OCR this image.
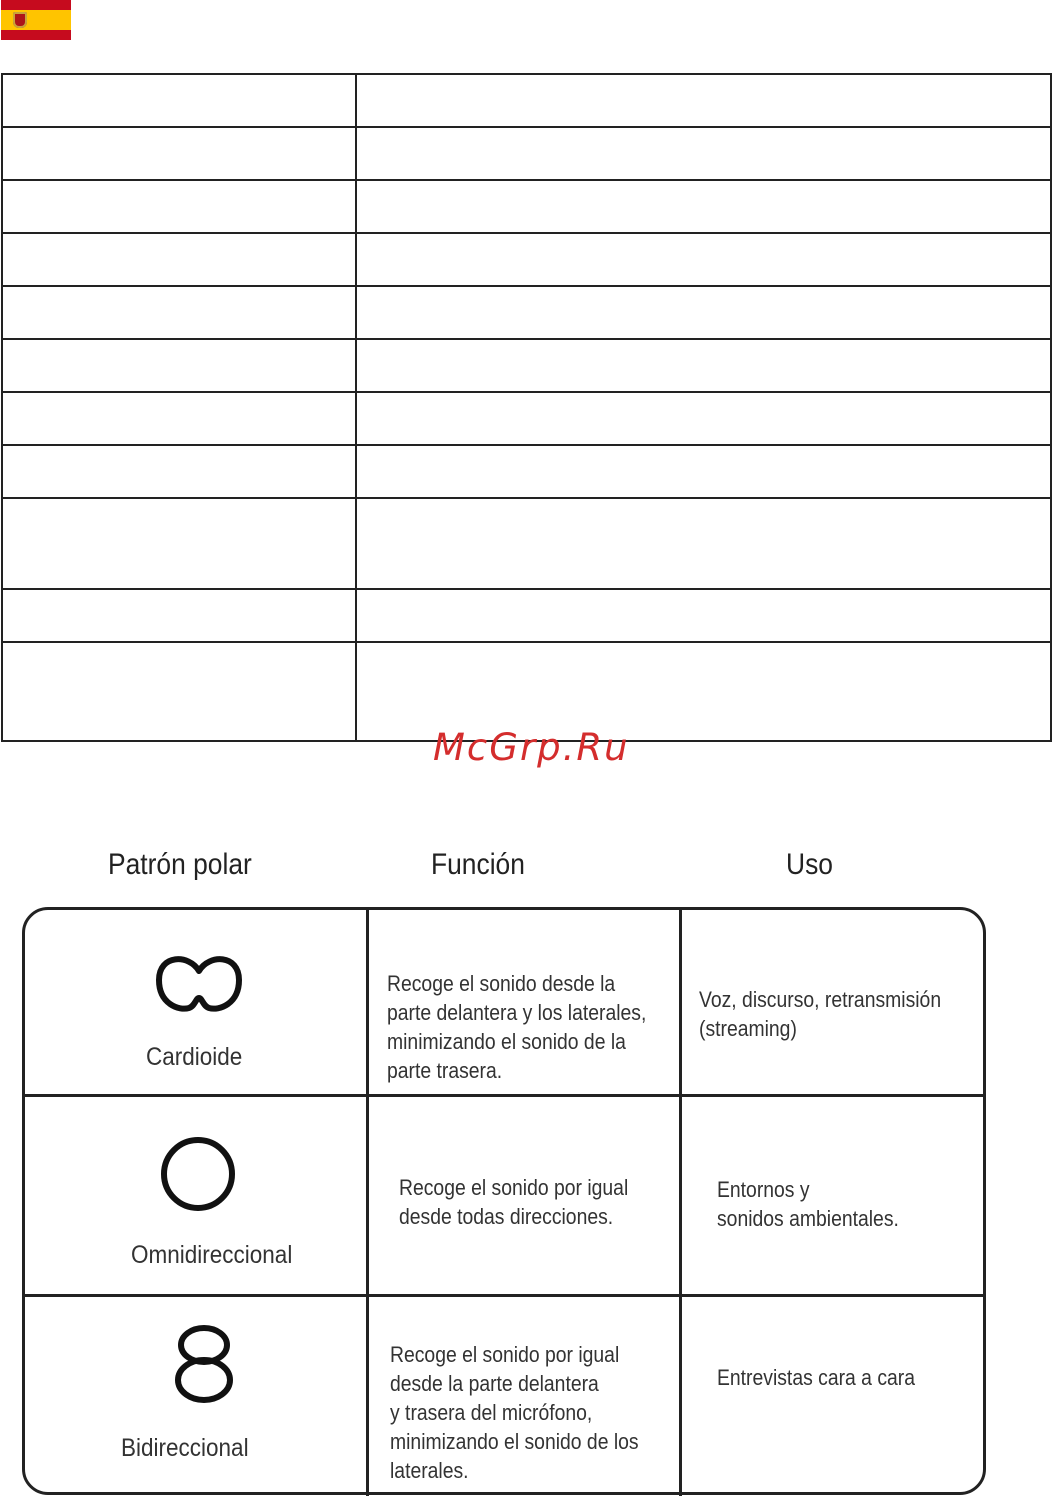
McGrp.Ru
Patrón polar	Función	Uso
Cardioide
Recoge el sonido desde la
parte delantera y los laterales,
minimizando el sonido de la
parte trasera.
Voz, discurso, retransmisión
(streaming)
Omnidireccional
Recoge el sonido por igual
desde todas direcciones.
Entornos y
sonidos ambientales.
Bidireccional
Recoge el sonido por igual
desde la parte delantera
y trasera del micrófono,
minimizando el sonido de los
laterales.
Entrevistas cara a cara
